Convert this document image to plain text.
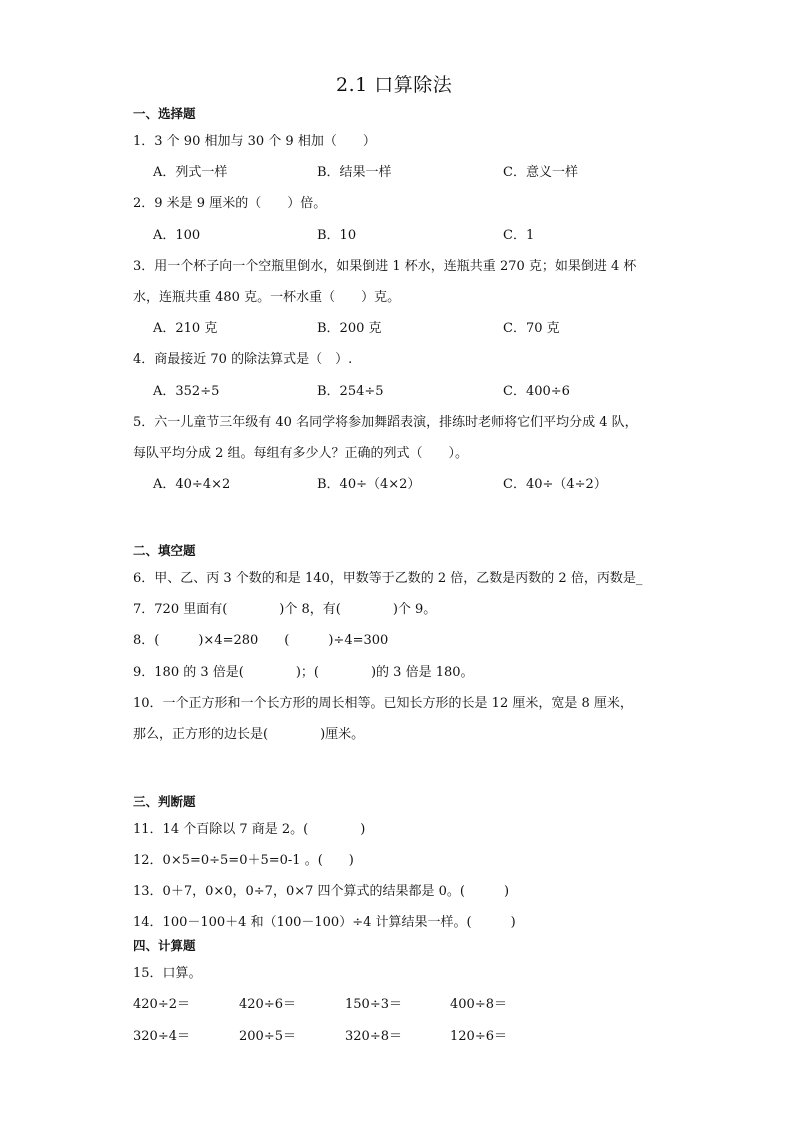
2.1 口算除法
一、选择题
1．3 个 90 相加与 30 个 9 相加（　　）
A．列式一样	B．结果一样	C．意义一样
2．9 米是 9 厘米的（　　）倍。
A．100	B．10	C．1
3．用一个杯子向一个空瓶里倒水，如果倒进 1 杯水，连瓶共重 270 克；如果倒进 4 杯
水，连瓶共重 480 克。一杯水重（　　）克。
A．210 克	B．200 克	C．70 克
4．商最接近 70 的除法算式是（　）.
A．352÷5	B．254÷5	C．400÷6
5．六一儿童节三年级有 40 名同学将参加舞蹈表演，排练时老师将它们平均分成 4 队，
每队平均分成 2 组。每组有多少人？正确的列式（　　）。
A．40÷4×2	B．40÷（4×2）	C．40÷（4÷2）
二、填空题
6．甲、乙、丙 3 个数的和是 140，甲数等于乙数的 2 倍，乙数是丙数的 2 倍，丙数是_
7．720 里面有(　　　　)个 8，有(　　　　)个 9。
8．(　　　)×4=280　　(　　　)÷4=300
9．180 的 3 倍是(　　　　)；(　　　　)的 3 倍是 180。
10．一个正方形和一个长方形的周长相等。已知长方形的长是 12 厘米，宽是 8 厘米，
那么，正方形的边长是(　　　　)厘米。
三、判断题
11．14 个百除以 7 商是 2。(　　　　)
12．0×5=0÷5=0＋5=0-1 。(　　)
13．0＋7，0×0，0÷7，0×7 四个算式的结果都是 0。(　　　)
14．100－100＋4 和（100－100）÷4 计算结果一样。(　　　)
四、计算题
15．口算。
420÷2＝	420÷6＝	150÷3＝	400÷8＝
320÷4＝	200÷5＝	320÷8＝	120÷6＝
